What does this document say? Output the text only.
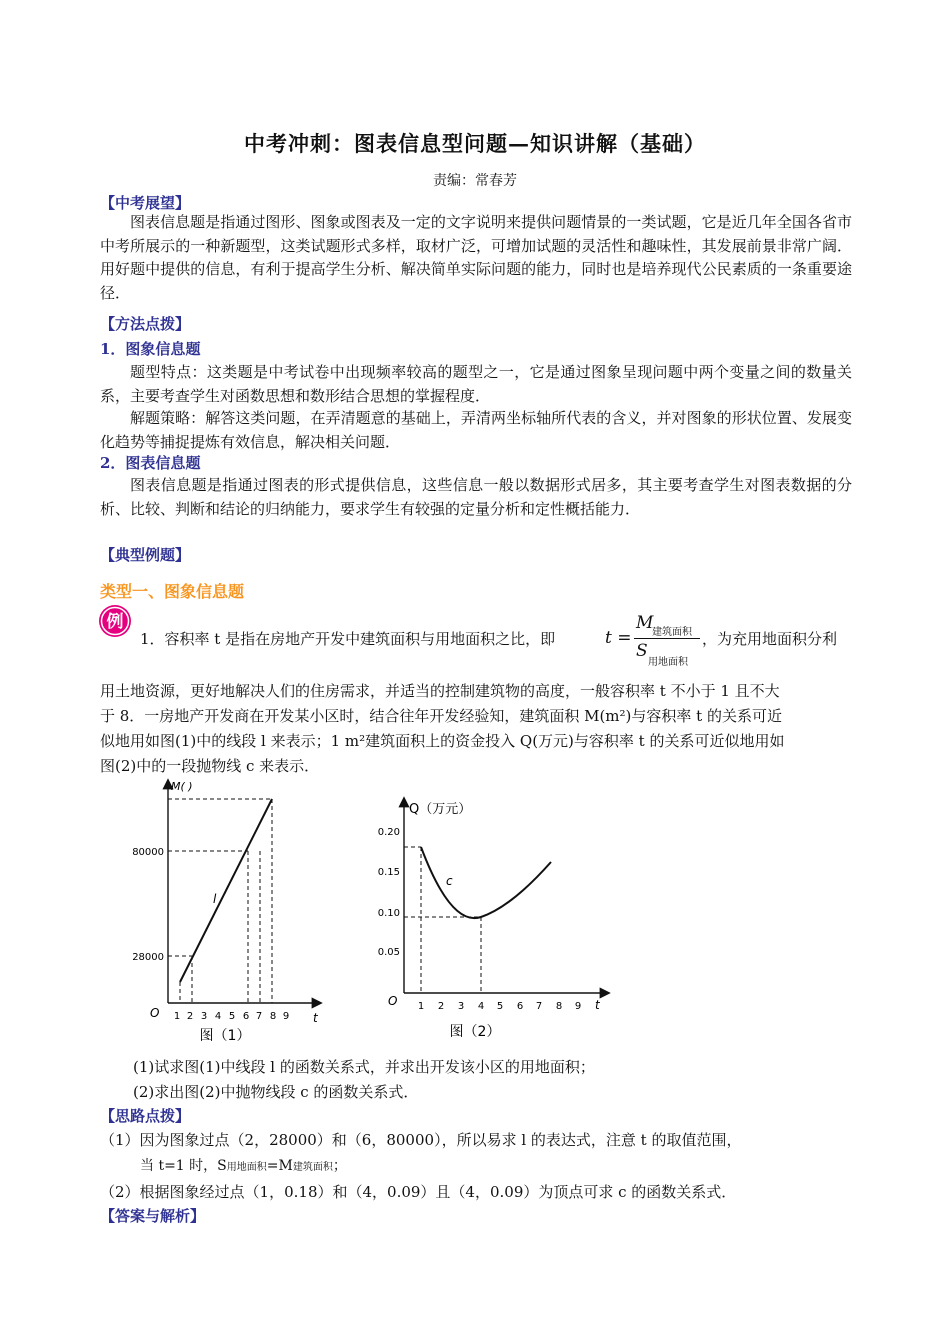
中考冲刺：图表信息型问题—知识讲解（基础）
责编：常春芳
【中考展望】
图表信息题是指通过图形、图象或图表及一定的文字说明来提供问题情景的一类试题，它是近几年全国各省市中考所展示的一种新题型，这类试题形式多样，取材广泛，可增加试题的灵活性和趣味性，其发展前景非常广阔．用好题中提供的信息，有利于提高学生分析、解决简单实际问题的能力，同时也是培养现代公民素质的一条重要途径．
【方法点拨】
1．图象信息题
题型特点：这类题是中考试卷中出现频率较高的题型之一，它是通过图象呈现问题中两个变量之间的数量关系，主要考查学生对函数思想和数形结合思想的掌握程度．
解题策略：解答这类问题，在弄清题意的基础上，弄清两坐标轴所代表的含义，并对图象的形状位置、发展变化趋势等捕捉提炼有效信息，解决相关问题．
2．图表信息题
图表信息题是指通过图表的形式提供信息，这些信息一般以数据形式居多，其主要考查学生对图表数据的分析、比较、判断和结论的归纳能力，要求学生有较强的定量分析和定性概括能力．
【典型例题】
类型一、图象信息题
例
1．容积率 t 是指在房地产开发中建筑面积与用地面积之比，即	t =
M
建筑面积
S
用地面积
，为充用地面积分利
用土地资源，更好地解决人们的住房需求，并适当的控制建筑物的高度，一般容积率 t 不小于 1 且不大
于 8．一房地产开发商在开发某小区时，结合往年开发经验知，建筑面积 M(m²)与容积率 t 的关系可近
似地用如图(1)中的线段 l 来表示；1 m²建筑面积上的资金投入 Q(万元)与容积率 t 的关系可近似地用如
图(2)中的一段抛物线 c 来表示．
M( )
t
O 1 2 3 4 5 6 7 8 9
80000
28000
l
图（1）
Q（万元）
t
O
0.20
0.15
0.10
0.05
1 2 3 4 5 6 7 8 9
c
图（2）
(1)试求图(1)中线段 l 的函数关系式，并求出开发该小区的用地面积；
(2)求出图(2)中抛物线段 c 的函数关系式．
【思路点拨】
（1）因为图象过点（2，28000）和（6，80000），所以易求 l 的表达式，注意 t 的取值范围，
当 t=1 时，S用地面积=M建筑面积；
（2）根据图象经过点（1，0.18）和（4，0.09）且（4，0.09）为顶点可求 c 的函数关系式．
【答案与解析】
